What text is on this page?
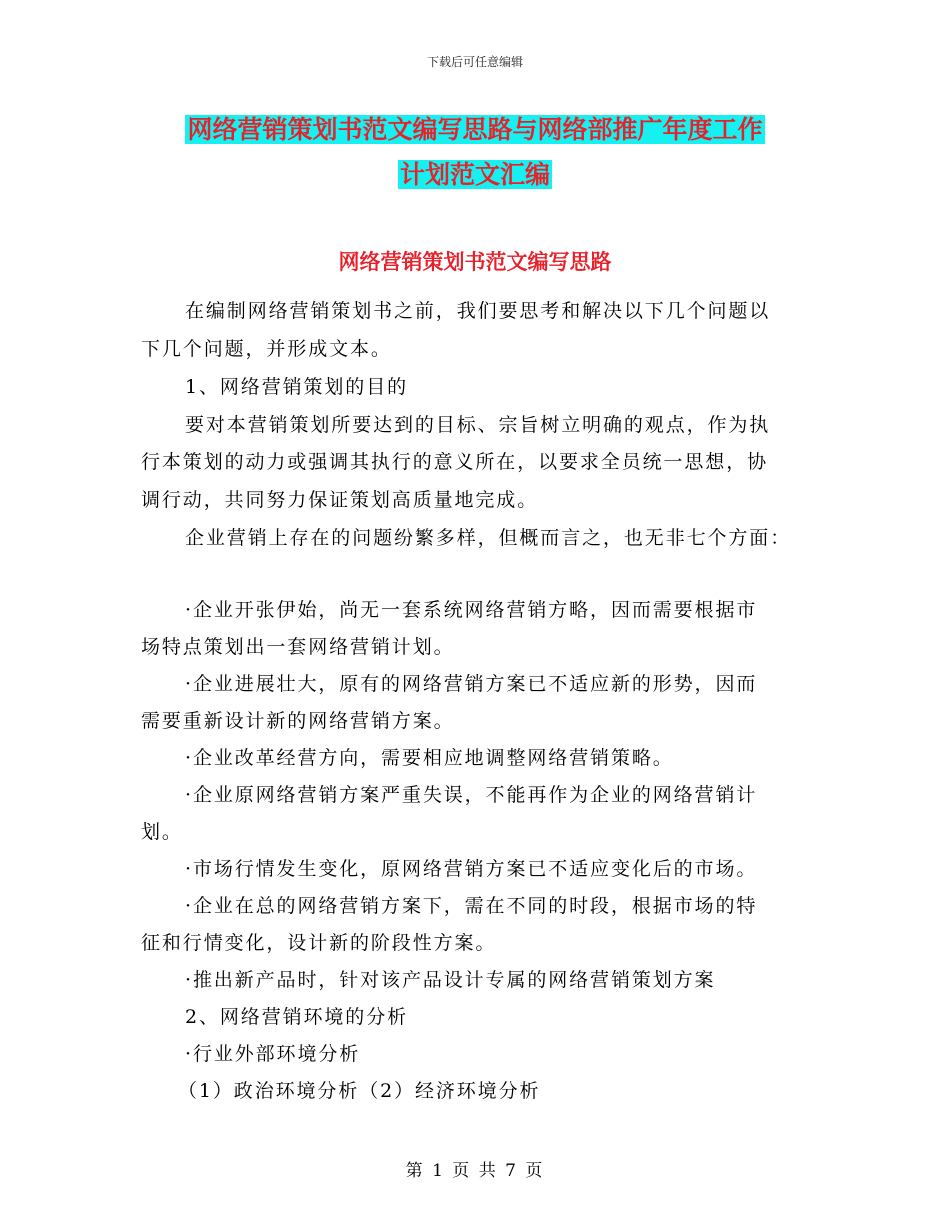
下载后可任意编辑
网络营销策划书范文编写思路与网络部推广年度工作
计划范文汇编
网络营销策划书范文编写思路
在编制网络营销策划书之前，我们要思考和解决以下几个问题以
下几个问题，并形成文本。
1、网络营销策划的目的
要对本营销策划所要达到的目标、宗旨树立明确的观点，作为执
行本策划的动力或强调其执行的意义所在，以要求全员统一思想，协
调行动，共同努力保证策划高质量地完成。
企业营销上存在的问题纷繁多样，但概而言之，也无非七个方面：
·企业开张伊始，尚无一套系统网络营销方略，因而需要根据市
场特点策划出一套网络营销计划。
·企业进展壮大，原有的网络营销方案已不适应新的形势，因而
需要重新设计新的网络营销方案。
·企业改革经营方向，需要相应地调整网络营销策略。
·企业原网络营销方案严重失误，不能再作为企业的网络营销计
划。
·市场行情发生变化，原网络营销方案已不适应变化后的市场。
·企业在总的网络营销方案下，需在不同的时段，根据市场的特
征和行情变化，设计新的阶段性方案。
·推出新产品时，针对该产品设计专属的网络营销策划方案
2、网络营销环境的分析
·行业外部环境分析
（1）政治环境分析（2）经济环境分析
第 1 页 共 7 页
